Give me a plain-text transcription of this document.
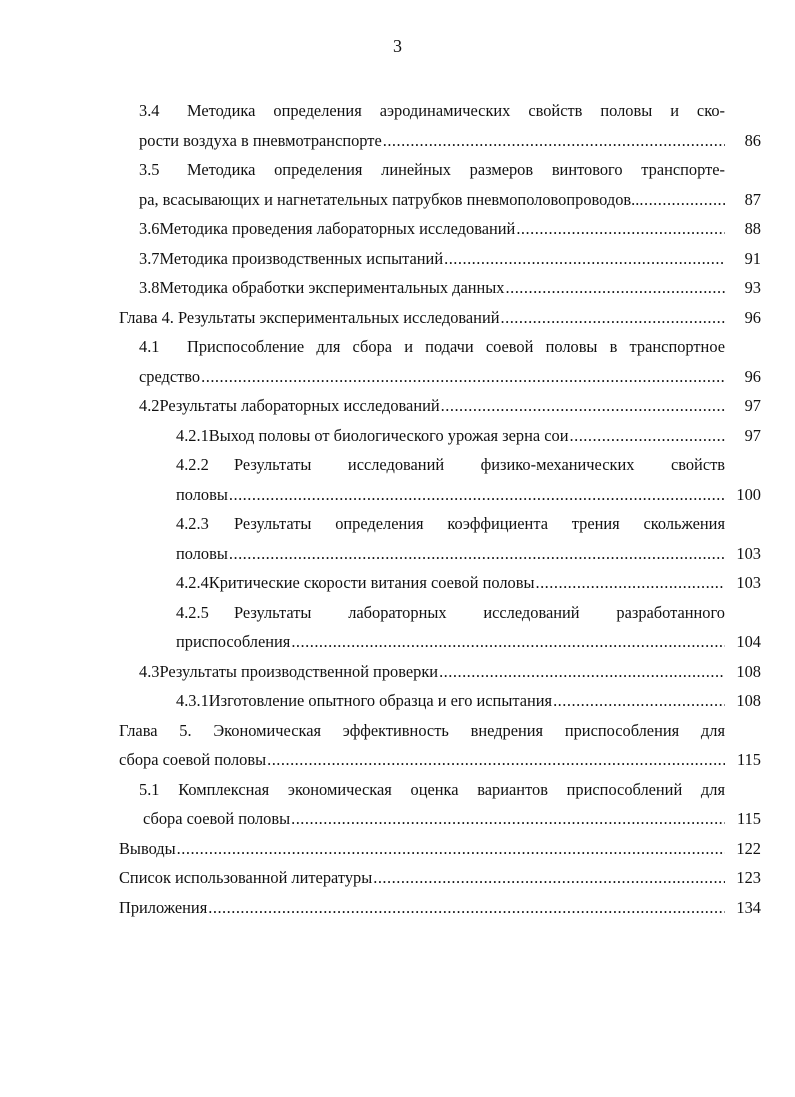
3
3.4 Методика определения аэродинамических свойств половы и ско-
рости воздуха в пневмотранспорте .....	86
3.5 Методика определения линейных размеров винтового транспорте-
ра, всасывающих и нагнетательных патрубков пневмополовопроводов.. .....	87
3.6 Методика проведения лабораторных исследований .....	88
3.7 Методика производственных испытаний .....	91
3.8 Методика обработки экспериментальных данных .....	93
Глава 4. Результаты экспериментальных исследований .....	96
4.1 Приспособление для сбора и подачи соевой половы в транспортное
средство .....	96
4.2 Результаты лабораторных исследований .....	97
4.2.1 Выход половы от биологического урожая зерна сои .....	97
4.2.2 Результаты исследований физико-механических свойств
половы .....	100
4.2.3 Результаты определения коэффициента трения скольжения
половы .....	103
4.2.4 Критические скорости витания соевой половы .....	103
4.2.5 Результаты лабораторных исследований разработанного
приспособления .....	104
4.3 Результаты производственной проверки .....	108
4.3.1 Изготовление опытного образца и его испытания .....	108
Глава 5. Экономическая эффективность внедрения приспособления для
сбора соевой половы .....	115
5.1 Комплексная экономическая оценка вариантов приспособлений для
сбора соевой половы .....	115
Выводы .....	122
Список использованной литературы .....	123
Приложения .....	134
